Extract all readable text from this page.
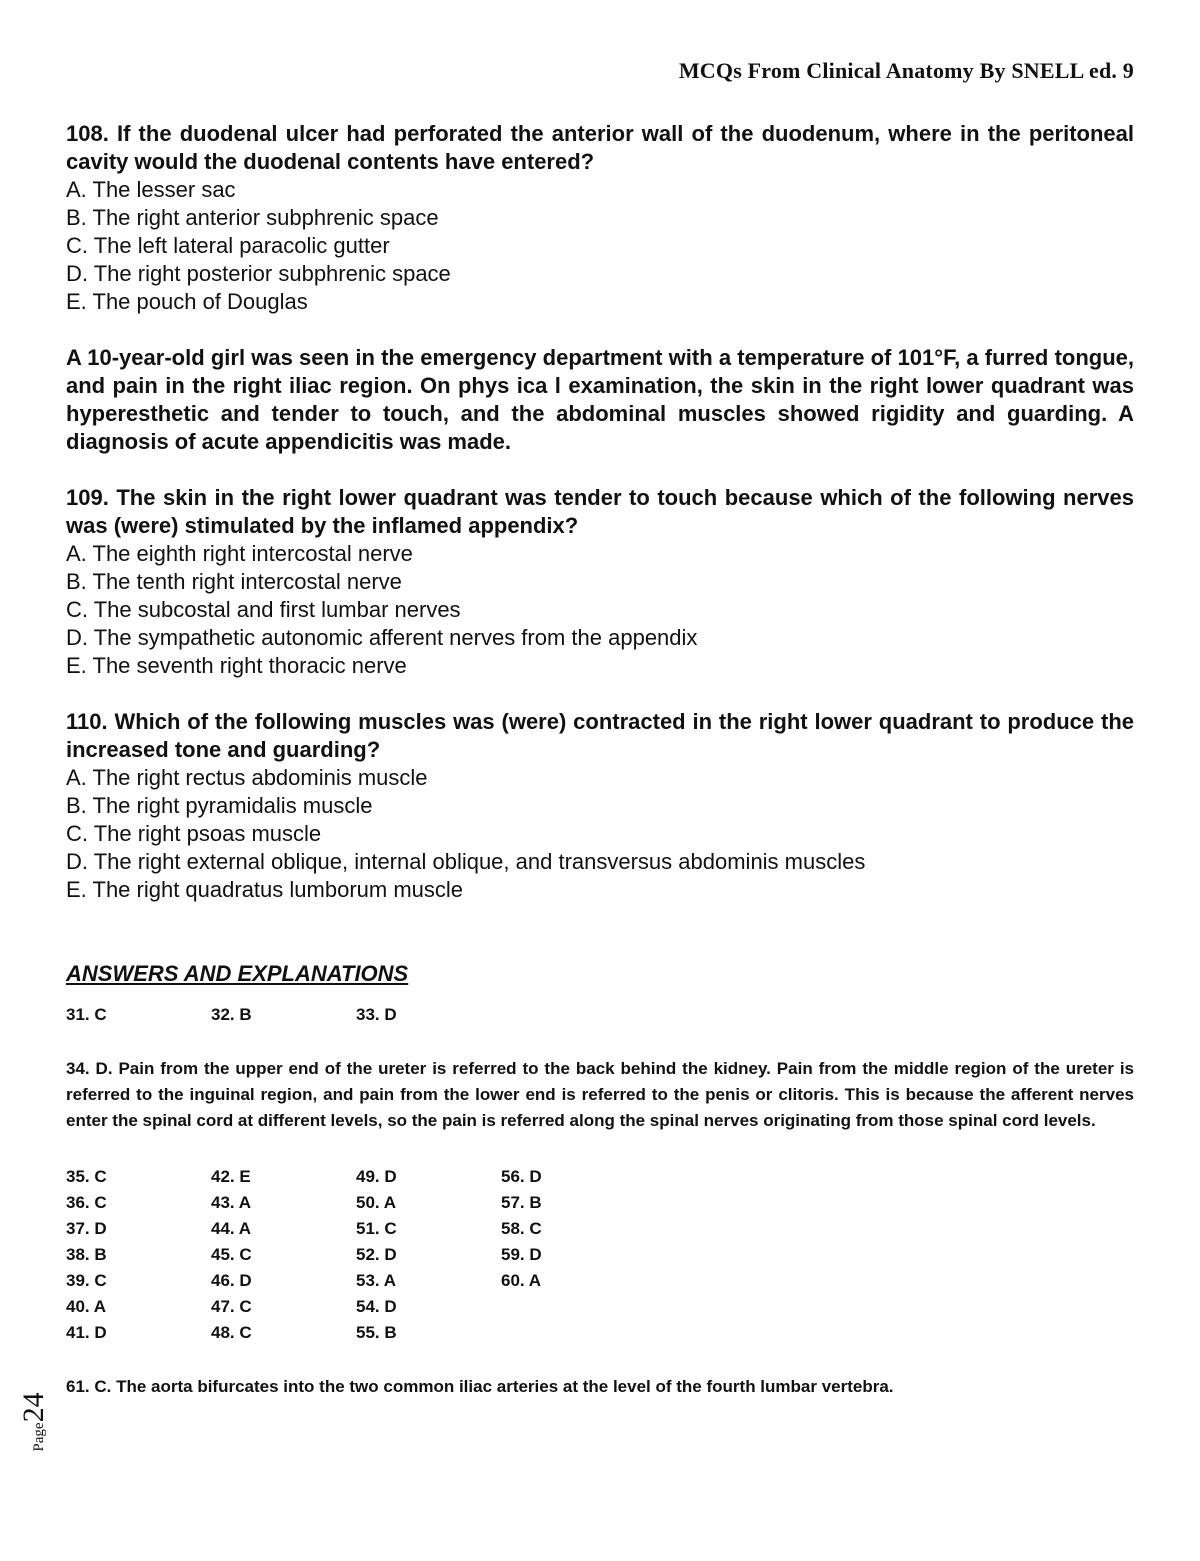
MCQs From Clinical Anatomy By SNELL ed. 9

108. If the duodenal ulcer had perforated the anterior wall of the duodenum, where in the peritoneal cavity would the duodenal contents have entered?

A. The lesser sac
B. The right anterior subphrenic space
C. The left lateral paracolic gutter
D. The right posterior subphrenic space
E. The pouch of Douglas

A 10-year-old girl was seen in the emergency department with a temperature of 101°F, a furred tongue, and pain in the right iliac region. On phys ica l examination, the skin in the right lower quadrant was hyperesthetic and tender to touch, and the abdominal muscles showed rigidity and guarding. A diagnosis of acute appendicitis was made.

109. The skin in the right lower quadrant was tender to touch because which of the following nerves was (were) stimulated by the inflamed appendix?

A. The eighth right intercostal nerve
B. The tenth right intercostal nerve
C. The subcostal and first lumbar nerves
D. The sympathetic autonomic afferent nerves from the appendix
E. The seventh right thoracic nerve

110. Which of the following muscles was (were) contracted in the right lower quadrant to produce the increased tone and guarding?

A. The right rectus abdominis muscle
B. The right pyramidalis muscle
C. The right psoas muscle
D. The right external oblique, internal oblique, and transversus abdominis muscles
E. The right quadratus lumborum muscle
ANSWERS AND EXPLANATIONS
31. C	32. B	33. D

34. D. Pain from the upper end of the ureter is referred to the back behind the kidney. Pain from the middle region of the ureter is referred to the inguinal region, and pain from the lower end is referred to the penis or clitoris. This is because the afferent nerves enter the spinal cord at different levels, so the pain is referred along the spinal nerves originating from those spinal cord levels.

35. C	42. E	49. D	56. D
36. C	43. A	50. A	57. B
37. D	44. A	51. C	58. C
38. B	45. C	52. D	59. D
39. C	46. D	53. A	60. A
40. A	47. C	54. D
41. D	48. C	55. B

61. C. The aorta bifurcates into the two common iliac arteries at the level of the fourth lumbar vertebra.

Page24
